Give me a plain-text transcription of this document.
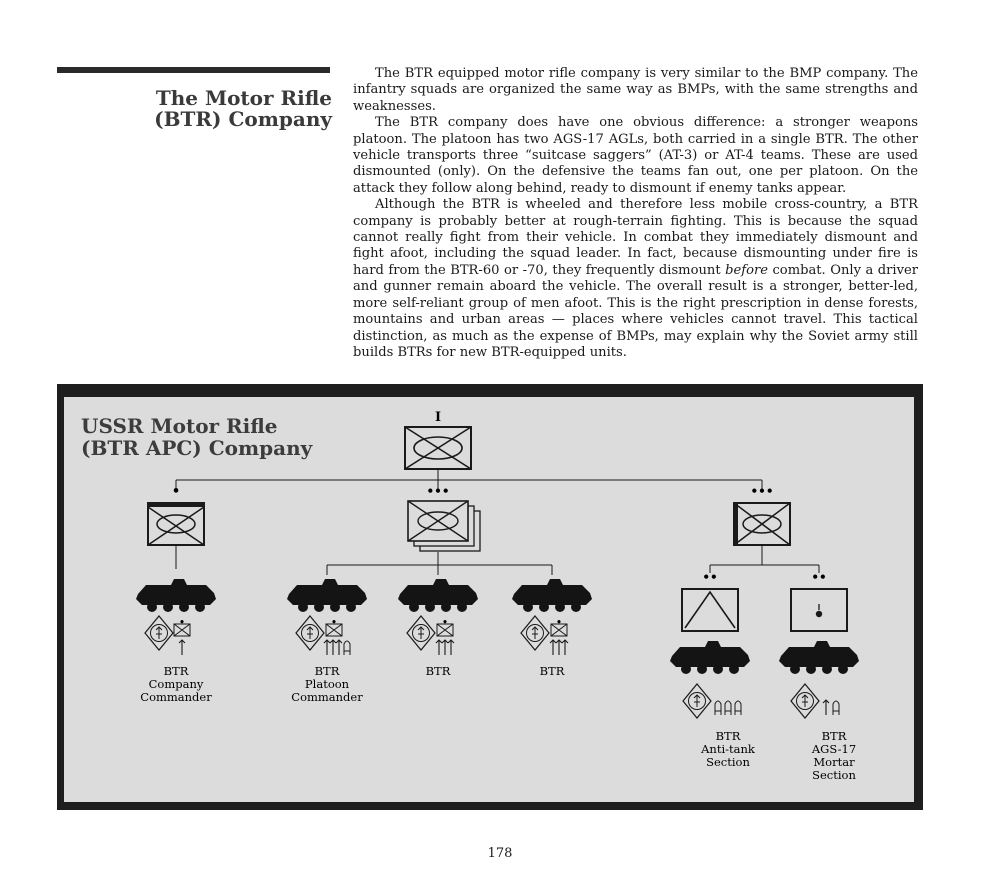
The Motor Rifle
(BTR) Company

The BTR equipped motor rifle company is very similar to the BMP company. The infantry squads are organized the same way as BMPs, with the same strengths and weaknesses.

The BTR company does have one obvious difference: a stronger weapons platoon. The platoon has two AGS-17 AGLs, both carried in a single BTR. The other vehicle transports three “suitcase saggers” (AT-3) or AT-4 teams. These are used dismounted (only). On the defensive the teams fan out, one per platoon. On the attack they follow along behind, ready to dismount if enemy tanks appear.

Although the BTR is wheeled and therefore less mobile cross-country, a BTR company is probably better at rough-terrain fighting. This is because the squad cannot really fight from their vehicle. In combat they immediately dismount and fight afoot, including the squad leader. In fact, because dismounting under fire is hard from the BTR-60 or -70, they frequently dismount before combat. Only a driver and gunner remain aboard the vehicle. The overall result is a stronger, better-led, more self-reliant group of men afoot. This is the right prescription in dense forests, mountains and urban areas — places where vehicles cannot travel. This tactical distinction, as much as the expense of BMPs, may explain why the Soviet army still builds BTRs for new BTR-equipped units.

USSR Motor Rifle
(BTR APC) Company
I
•	•••	•••
•
BTR
Company
Commander
•
BTR
Platoon
Commander
•
BTR
•
BTR
••
BTR
Anti-tank
Section
••
BTR
AGS-17
Mortar
Section
178
